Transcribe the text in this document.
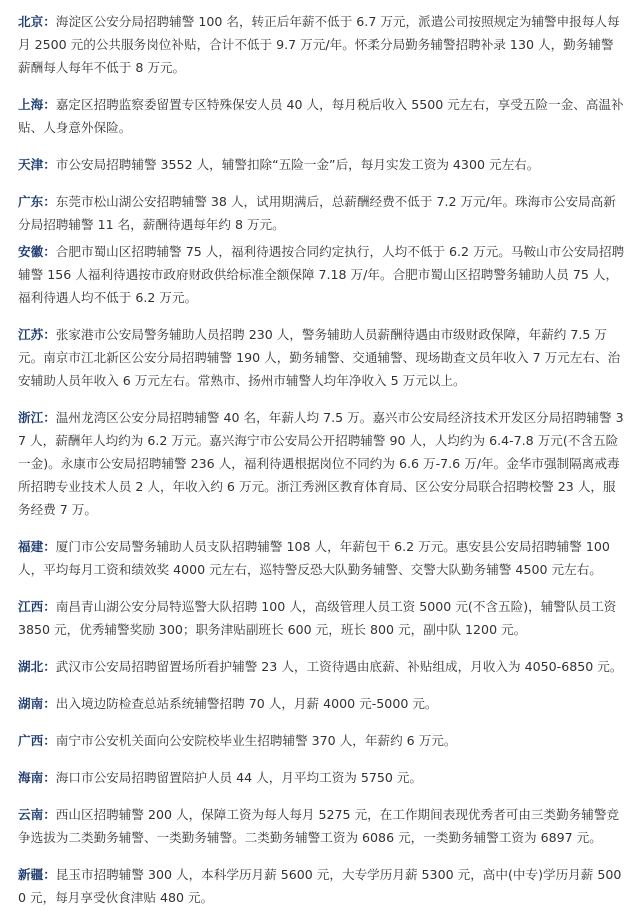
北京：海淀区公安分局招聘辅警 100 名，转正后年薪不低于 6.7 万元，派遣公司按照规定为辅警申报每人每月 2500 元的公共服务岗位补贴，合计不低于 9.7 万元/年。怀柔分局勤务辅警招聘补录 130 人，勤务辅警薪酬每人每年不低于 8 万元。

上海：嘉定区招聘监察委留置专区特殊保安人员 40 人，每月税后收入 5500 元左右，享受五险一金、高温补贴、人身意外保险。

天津：市公安局招聘辅警 3552 人，辅警扣除“五险一金”后，每月实发工资为 4300 元左右。

广东：东莞市松山湖公安招聘辅警 38 人，试用期满后，总薪酬经费不低于 7.2 万元/年。珠海市公安局高新分局招聘辅警 11 名，薪酬待遇每年约 8 万元。

安徽：合肥市蜀山区招聘辅警 75 人，福利待遇按合同约定执行，人均不低于 6.2 万元。马鞍山市公安局招聘辅警 156 人福利待遇按市政府财政供给标准全额保障 7.18 万/年。合肥市蜀山区招聘警务辅助人员 75 人，福利待遇人均不低于 6.2 万元。

江苏：张家港市公安局警务辅助人员招聘 230 人，警务辅助人员薪酬待遇由市级财政保障，年薪约 7.5 万元。南京市江北新区公安分局招聘辅警 190 人，勤务辅警、交通辅警、现场勘查文员年收入 7 万元左右、治安辅助人员年收入 6 万元左右。常熟市、扬州市辅警人均年净收入 5 万元以上。

浙江：温州龙湾区公安分局招聘辅警 40 名，年薪人均 7.5 万。嘉兴市公安局经济技术开发区分局招聘辅警 37 人，薪酬年人均约为 6.2 万元。嘉兴海宁市公安局公开招聘辅警 90 人，人均约为 6.4-7.8 万元(不含五险一金)。永康市公安局招聘辅警 236 人，福利待遇根据岗位不同约为 6.6 万-7.6 万/年。金华市强制隔离戒毒所招聘专业技术人员 2 人，年收入约 6 万元。浙江秀洲区教育体育局、区公安分局联合招聘校警 23 人，服务经费 7 万。

福建：厦门市公安局警务辅助人员支队招聘辅警 108 人，年薪包干 6.2 万元。惠安县公安局招聘辅警 100 人，平均每月工资和绩效奖 4000 元左右，巡特警反恐大队勤务辅警、交警大队勤务辅警 4500 元左右。

江西：南昌青山湖公安分局特巡警大队招聘 100 人，高级管理人员工资 5000 元(不含五险)，辅警队员工资 3850 元，优秀辅警奖励 300；职务津贴副班长 600 元，班长 800 元，副中队 1200 元。

湖北：武汉市公安局招聘留置场所看护辅警 23 人，工资待遇由底薪、补贴组成，月收入为 4050-6850 元。

湖南：出入境边防检查总站系统辅警招聘 70 人，月薪 4000 元-5000 元。

广西：南宁市公安机关面向公安院校毕业生招聘辅警 370 人，年薪约 6 万元。

海南：海口市公安局招聘留置陪护人员 44 人，月平均工资为 5750 元。

云南：西山区招聘辅警 200 人，保障工资为每人每月 5275 元，在工作期间表现优秀者可由三类勤务辅警竞争选拔为二类勤务辅警、一类勤务辅警。二类勤务辅警工资为 6086 元，一类勤务辅警工资为 6897 元。

新疆：昆玉市招聘辅警 300 人，本科学历月薪 5600 元，大专学历月薪 5300 元，高中(中专)学历月薪 5000 元，每月享受伙食津贴 480 元。
